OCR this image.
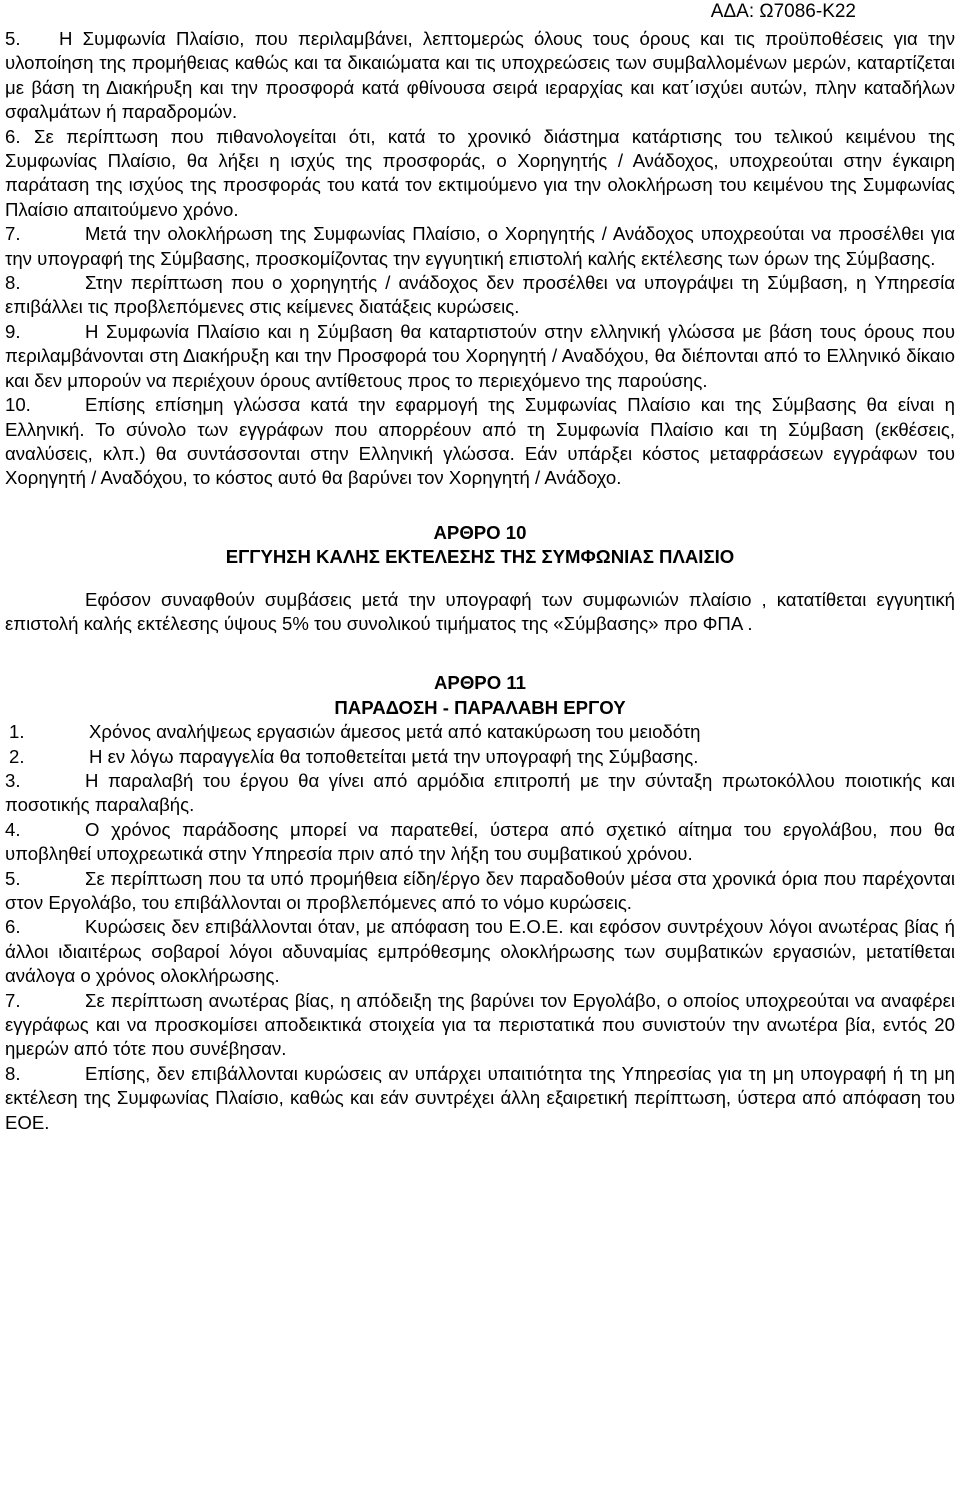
ΑΔΑ: Ω7086-Κ22

5. Η Συμφωνία Πλαίσιο, που περιλαμβάνει, λεπτομερώς όλους τους όρους και τις προϋποθέσεις για την υλοποίηση της προμήθειας καθώς και τα δικαιώματα και τις υποχρεώσεις των συμβαλλομένων μερών, καταρτίζεται με βάση τη Διακήρυξη και την προσφορά κατά φθίνουσα σειρά ιεραρχίας και κατ΄ισχύει αυτών, πλην καταδήλων σφαλμάτων ή παραδρομών.

6. Σε περίπτωση που πιθανολογείται ότι, κατά το χρονικό διάστημα κατάρτισης του τελικού κειμένου της Συμφωνίας Πλαίσιο, θα λήξει η ισχύς της προσφοράς, ο Χορηγητής / Ανάδοχος, υποχρεούται στην έγκαιρη παράταση της ισχύος της προσφοράς του κατά τον εκτιμούμενο για την ολοκλήρωση του κειμένου της Συμφωνίας Πλαίσιο απαιτούμενο χρόνο.

7.	Μετά την ολοκλήρωση της Συμφωνίας Πλαίσιο, ο Χορηγητής / Ανάδοχος υποχρεούται να προσέλθει για την υπογραφή της Σύμβασης, προσκομίζοντας την εγγυητική επιστολή καλής εκτέλεσης των όρων της Σύμβασης.

8.	Στην περίπτωση που ο χορηγητής / ανάδοχος δεν προσέλθει να υπογράψει τη Σύμβαση, η Υπηρεσία επιβάλλει τις προβλεπόμενες στις κείμενες διατάξεις κυρώσεις.

9.	Η Συμφωνία Πλαίσιο και η Σύμβαση θα καταρτιστούν στην ελληνική γλώσσα με βάση τους όρους που περιλαμβάνονται στη Διακήρυξη και την Προσφορά του Χορηγητή / Αναδόχου, θα διέπονται από το Ελληνικό δίκαιο και δεν μπορούν να περιέχουν όρους αντίθετους προς το περιεχόμενο της παρούσης.

10.	Επίσης επίσημη γλώσσα κατά την εφαρμογή της Συμφωνίας Πλαίσιο και της Σύμβασης θα είναι η Ελληνική. Το σύνολο των εγγράφων που απορρέουν από τη Συμφωνία Πλαίσιο και τη Σύμβαση (εκθέσεις, αναλύσεις, κλπ.) θα συντάσσονται στην Ελληνική γλώσσα. Εάν υπάρξει κόστος μεταφράσεων εγγράφων του Χορηγητή / Αναδόχου, το κόστος αυτό θα βαρύνει τον Χορηγητή / Ανάδοχο.

ΑΡΘΡΟ 10

ΕΓΓΥΗΣΗ ΚΑΛΗΣ ΕΚΤΕΛΕΣΗΣ ΤΗΣ ΣΥΜΦΩΝΙΑΣ ΠΛΑΙΣΙΟ

Εφόσον συναφθούν συμβάσεις μετά την υπογραφή των συμφωνιών πλαίσιο , κατατίθεται εγγυητική επιστολή καλής εκτέλεσης ύψους 5% του συνολικού τιμήματος της «Σύμβασης» προ ΦΠΑ .

ΑΡΘΡΟ 11

ΠΑΡΑΔΟΣΗ - ΠΑΡΑΛΑΒΗ ΕΡΓΟΥ

1.	Χρόνος αναλήψεως εργασιών άμεσος μετά από κατακύρωση του μειοδότη

2.	Η εν λόγω παραγγελία θα τοποθετείται μετά την υπογραφή της Σύμβασης.

3.	Η παραλαβή του έργου θα γίνει από αρμόδια επιτροπή με την σύνταξη πρωτοκόλλου ποιοτικής και ποσοτικής παραλαβής.

4.	Ο χρόνος παράδοσης μπορεί να παρατεθεί, ύστερα από σχετικό αίτημα του εργολάβου, που θα υποβληθεί υποχρεωτικά στην Υπηρεσία πριν από την λήξη του συμβατικού χρόνου.

5.	Σε περίπτωση που τα υπό προμήθεια είδη/έργο δεν παραδοθούν μέσα στα χρονικά όρια που παρέχονται στον Εργολάβο, του επιβάλλονται οι προβλεπόμενες από το νόμο κυρώσεις.

6.	Κυρώσεις δεν επιβάλλονται όταν, με απόφαση του Ε.Ο.Ε. και εφόσον συντρέχουν λόγοι ανωτέρας βίας ή άλλοι ιδιαιτέρως σοβαροί λόγοι αδυναμίας εμπρόθεσμης ολοκλήρωσης των συμβατικών εργασιών, μετατίθεται ανάλογα ο χρόνος ολοκλήρωσης.

7.	Σε περίπτωση ανωτέρας βίας, η απόδειξη της βαρύνει τον Εργολάβο, ο οποίος υποχρεούται να αναφέρει εγγράφως και να προσκομίσει αποδεικτικά στοιχεία για τα περιστατικά που συνιστούν την ανωτέρα βία, εντός 20 ημερών από τότε που συνέβησαν.

8.	Επίσης, δεν επιβάλλονται κυρώσεις αν υπάρχει υπαιτιότητα της Υπηρεσίας για τη μη υπογραφή ή τη μη εκτέλεση της Συμφωνίας Πλαίσιο, καθώς και εάν συντρέχει άλλη εξαιρετική περίπτωση, ύστερα από απόφαση του ΕΟΕ.
